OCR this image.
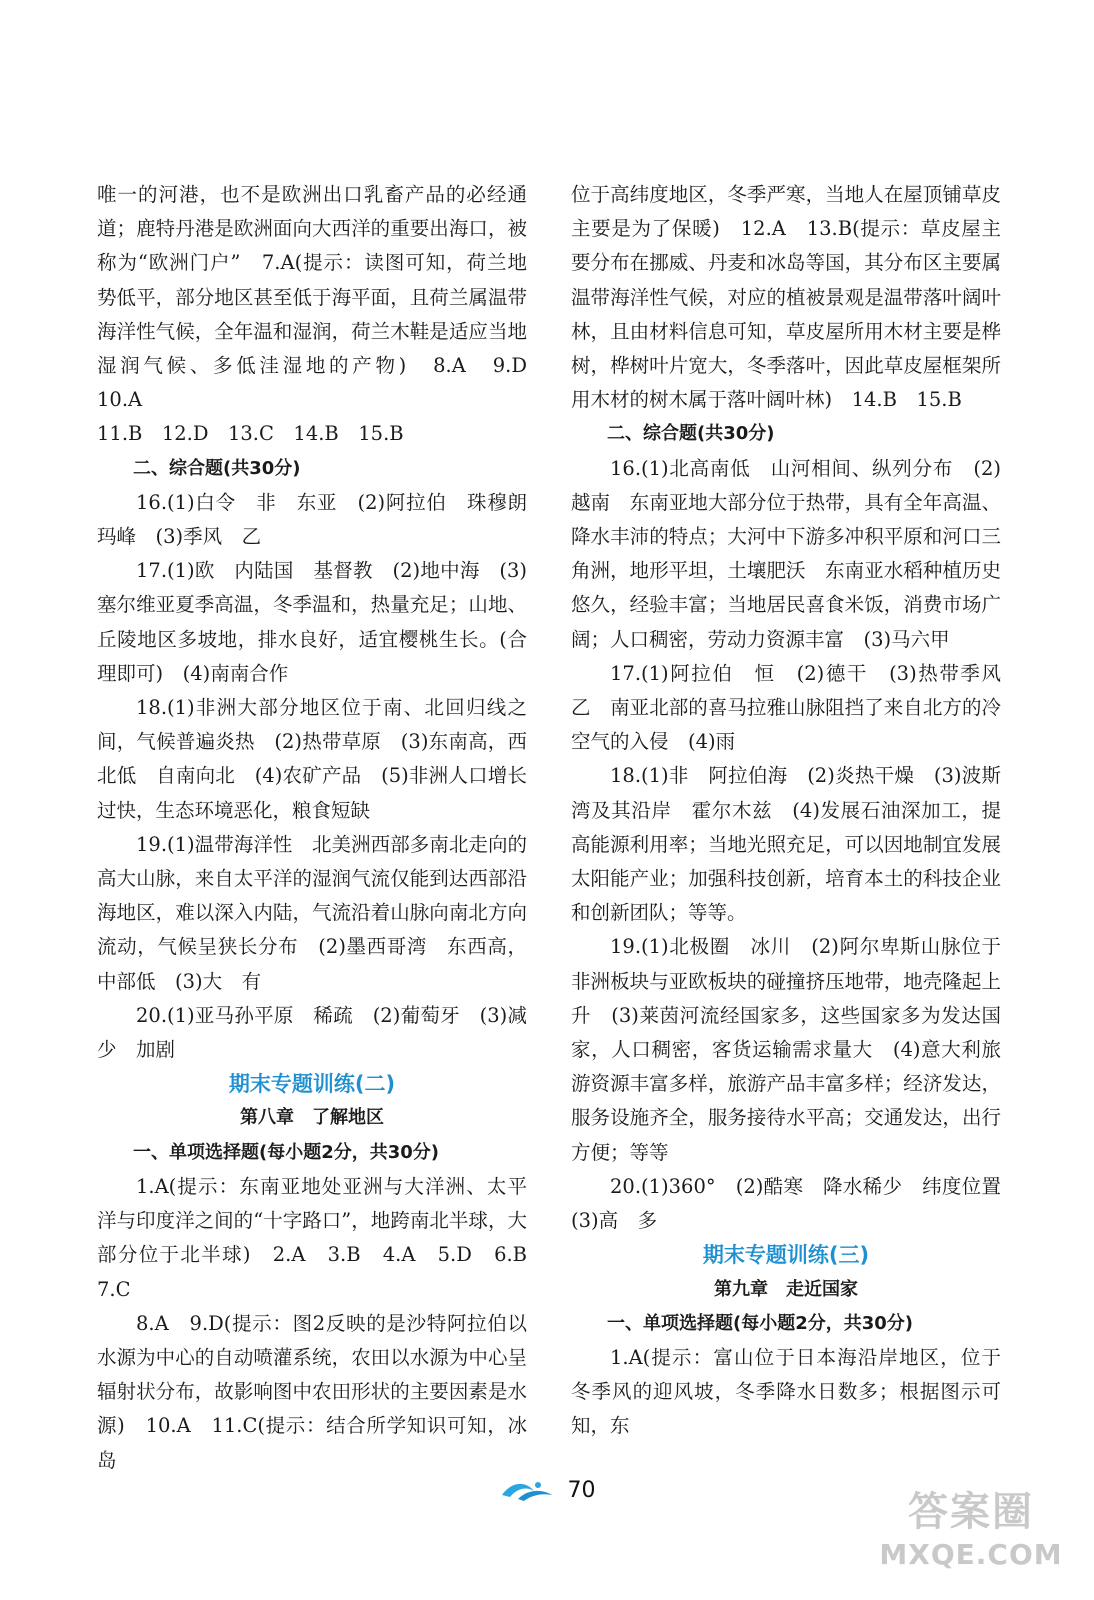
唯一的河港，也不是欧洲出口乳畜产品的必经通道；鹿特丹港是欧洲面向大西洋的重要出海口，被称为“欧洲门户”　7.A(提示：读图可知，荷兰地势低平，部分地区甚至低于海平面，且荷兰属温带海洋性气候，全年温和湿润，荷兰木鞋是适应当地湿润气候、多低洼湿地的产物)　8.A　9.D　10.A

11.B　12.D　13.C　14.B　15.B

二、综合题(共30分)

16.(1)白令　非　东亚　(2)阿拉伯　珠穆朗玛峰　(3)季风　乙

17.(1)欧　内陆国　基督教　(2)地中海　(3)塞尔维亚夏季高温，冬季温和，热量充足；山地、丘陵地区多坡地，排水良好，适宜樱桃生长。(合理即可)　(4)南南合作

18.(1)非洲大部分地区位于南、北回归线之间，气候普遍炎热　(2)热带草原　(3)东南高，西北低　自南向北　(4)农矿产品　(5)非洲人口增长过快，生态环境恶化，粮食短缺

19.(1)温带海洋性　北美洲西部多南北走向的高大山脉，来自太平洋的湿润气流仅能到达西部沿海地区，难以深入内陆，气流沿着山脉向南北方向流动，气候呈狭长分布　(2)墨西哥湾　东西高，中部低　(3)大　有

20.(1)亚马孙平原　稀疏　(2)葡萄牙　(3)减少　加剧

期末专题训练(二)

第八章　了解地区

一、单项选择题(每小题2分，共30分)

1.A(提示：东南亚地处亚洲与大洋洲、太平洋与印度洋之间的“十字路口”，地跨南北半球，大部分位于北半球)　2.A　3.B　4.A　5.D　6.B　7.C

8.A　9.D(提示：图2反映的是沙特阿拉伯以水源为中心的自动喷灌系统，农田以水源为中心呈辐射状分布，故影响图中农田形状的主要因素是水源)　10.A　11.C(提示：结合所学知识可知，冰岛

位于高纬度地区，冬季严寒，当地人在屋顶铺草皮主要是为了保暖)　12.A　13.B(提示：草皮屋主要分布在挪威、丹麦和冰岛等国，其分布区主要属温带海洋性气候，对应的植被景观是温带落叶阔叶林，且由材料信息可知，草皮屋所用木材主要是桦树，桦树叶片宽大，冬季落叶，因此草皮屋框架所用木材的树木属于落叶阔叶林)　14.B　15.B

二、综合题(共30分)

16.(1)北高南低　山河相间、纵列分布　(2)越南　东南亚地大部分位于热带，具有全年高温、降水丰沛的特点；大河中下游多冲积平原和河口三角洲，地形平坦，土壤肥沃　东南亚水稻种植历史悠久，经验丰富；当地居民喜食米饭，消费市场广阔；人口稠密，劳动力资源丰富　(3)马六甲

17.(1)阿拉伯　恒　(2)德干　(3)热带季风　乙　南亚北部的喜马拉雅山脉阻挡了来自北方的冷空气的入侵　(4)雨

18.(1)非　阿拉伯海　(2)炎热干燥　(3)波斯湾及其沿岸　霍尔木兹　(4)发展石油深加工，提高能源利用率；当地光照充足，可以因地制宜发展太阳能产业；加强科技创新，培育本土的科技企业和创新团队；等等。

19.(1)北极圈　冰川　(2)阿尔卑斯山脉位于非洲板块与亚欧板块的碰撞挤压地带，地壳隆起上升　(3)莱茵河流经国家多，这些国家多为发达国家，人口稠密，客货运输需求量大　(4)意大利旅游资源丰富多样，旅游产品丰富多样；经济发达，服务设施齐全，服务接待水平高；交通发达，出行方便；等等

20.(1)360°　(2)酷寒　降水稀少　纬度位置　(3)高　多

期末专题训练(三)

第九章　走近国家

一、单项选择题(每小题2分，共30分)

1.A(提示：富山位于日本海沿岸地区，位于冬季风的迎风坡，冬季降水日数多；根据图示可知，东

70	答案圈
MXQE.COM
